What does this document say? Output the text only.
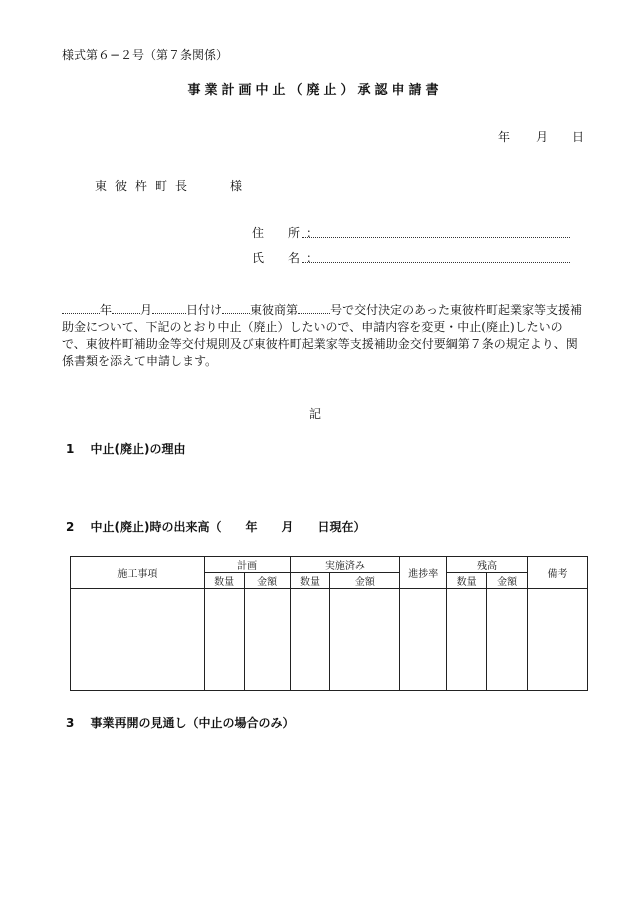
様式第６−２号（第７条関係）
事業計画中止（廃止）承認申請書
年 月 日
東彼杵町長	様
住　所：
氏　名：
年 月	日付け 東彼商第	号で交付決定のあった東彼杵町起業家等支援補助金について、下記のとおり中止（廃止）したいので、申請内容を変更・中止(廃止)したいので、東彼杵町補助金等交付規則及び東彼杵町起業家等支援補助金交付要綱第７条の規定より、関係書類を添えて申請します。
記
1　 中止(廃止)の理由
2　 中止(廃止)時の出来高（　　年　　月　　日現在）
3　 事業再開の見通し（中止の場合のみ）
施工事項	計画		実施済み		進捗率	残高		備考
	数量	金額	数量	金額		数量	金額	
